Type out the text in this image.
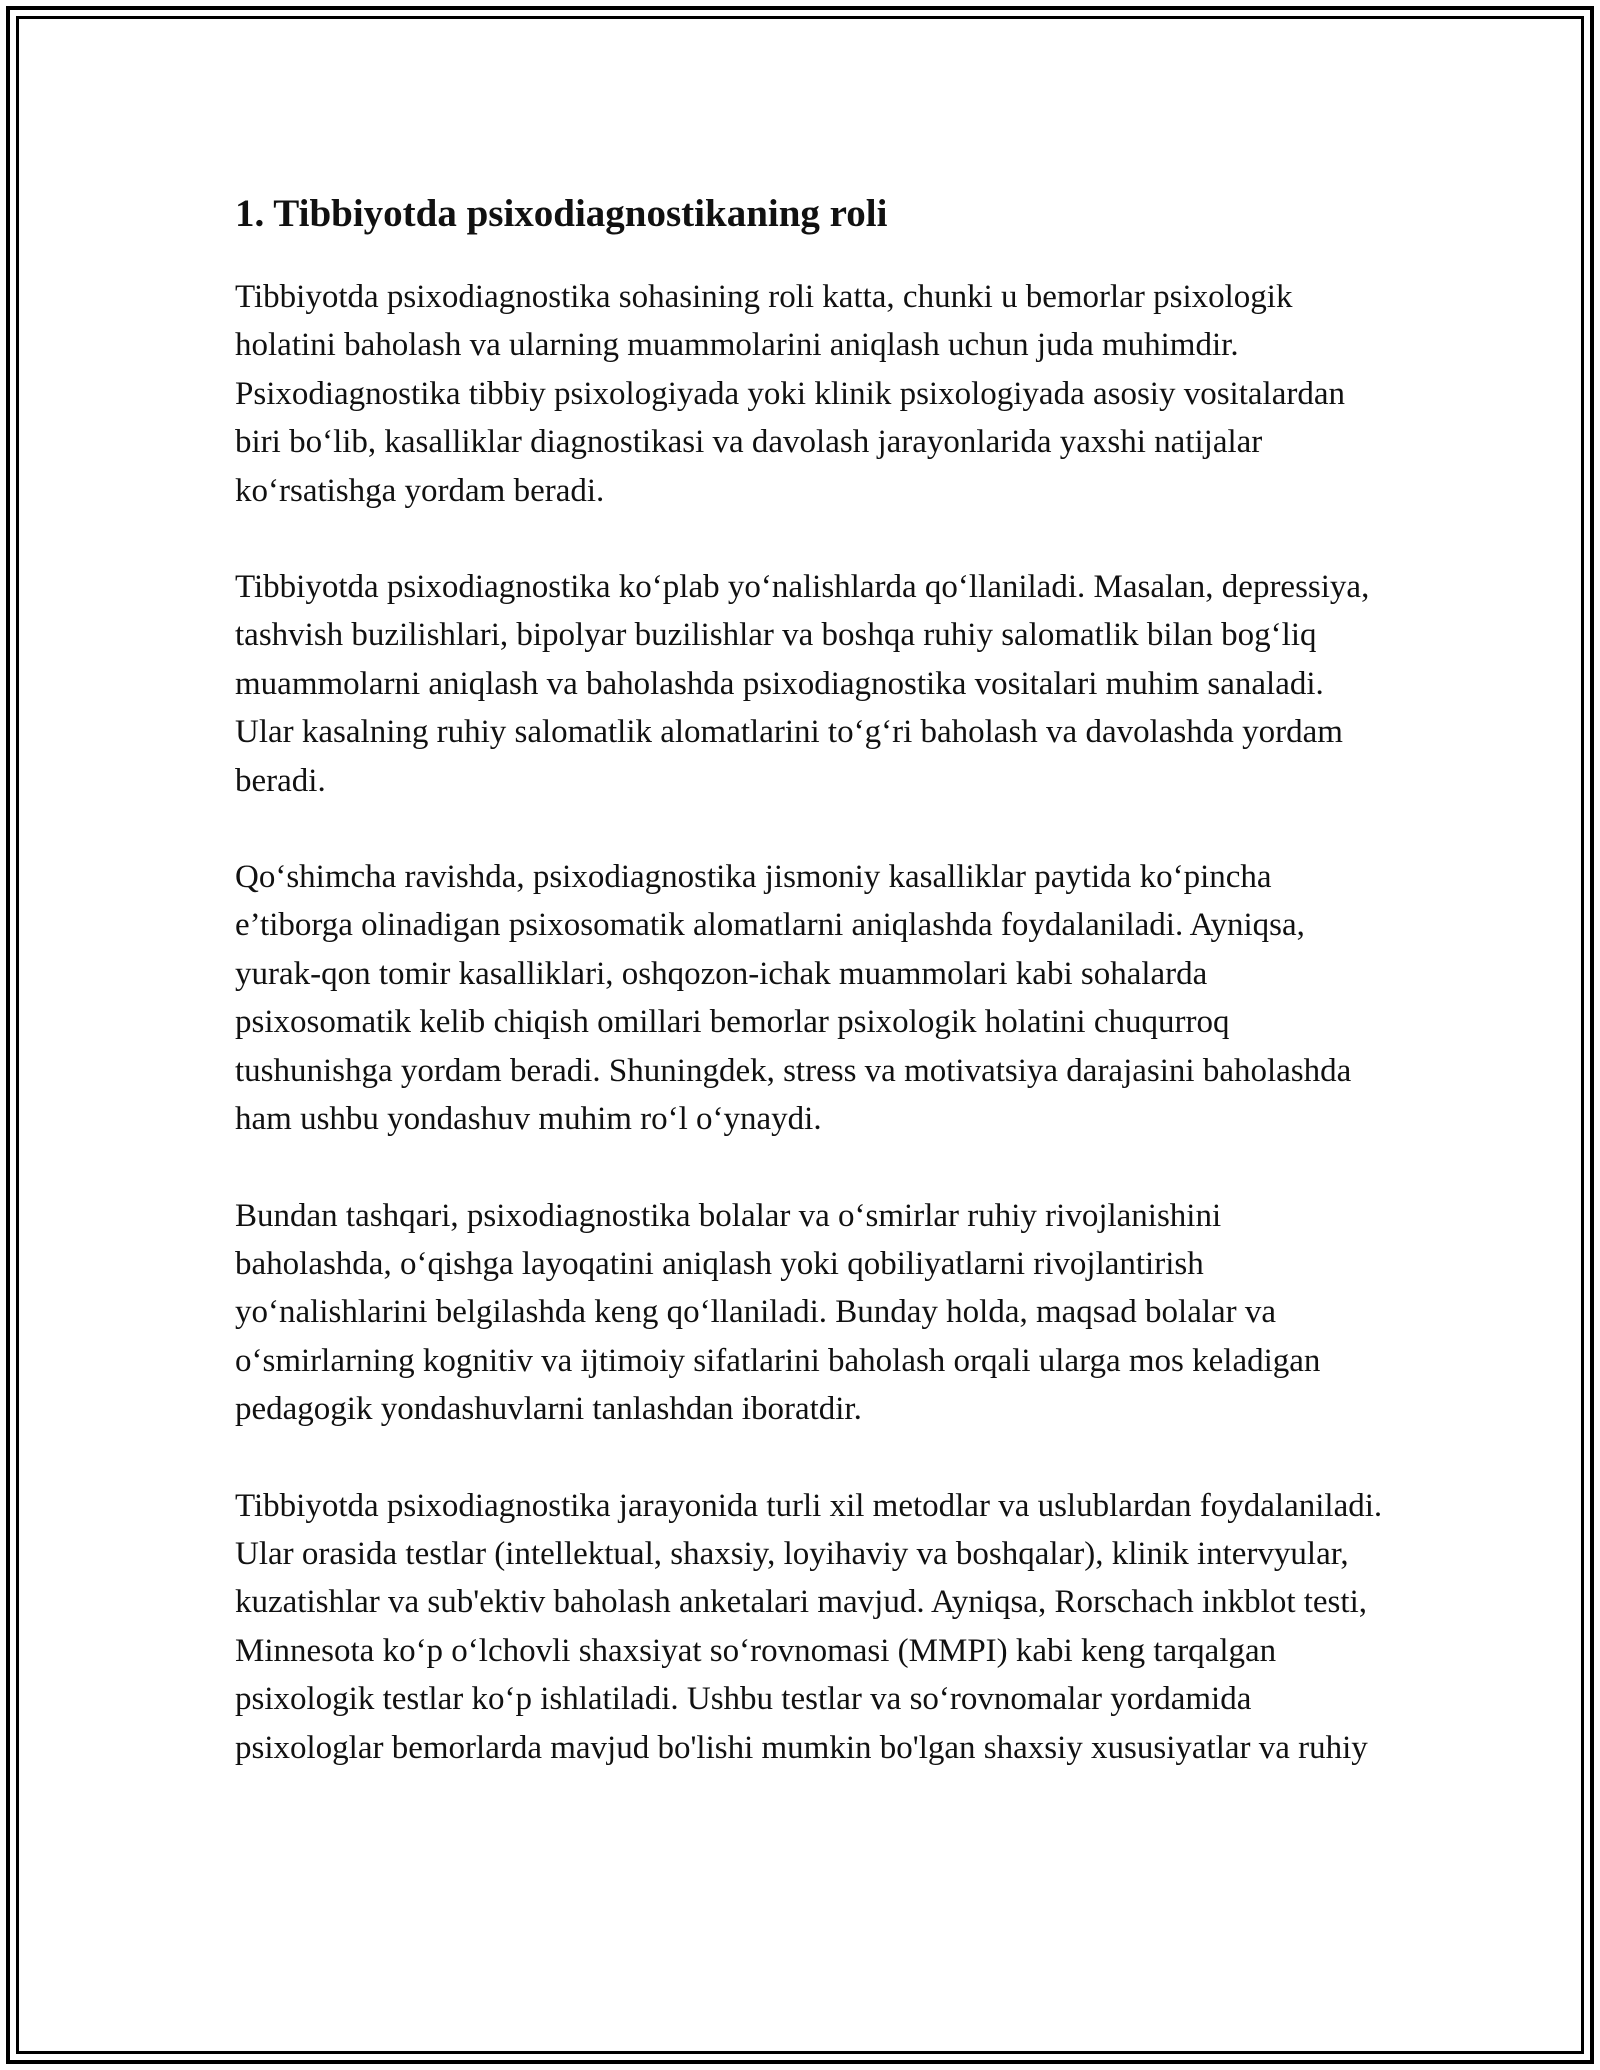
1. Tibbiyotda psixodiagnostikaning roli

Tibbiyotda psixodiagnostika sohasining roli katta, chunki u bemorlar psixologik holatini baholash va ularning muammolarini aniqlash uchun juda muhimdir. Psixodiagnostika tibbiy psixologiyada yoki klinik psixologiyada asosiy vositalardan biri bo‘lib, kasalliklar diagnostikasi va davolash jarayonlarida yaxshi natijalar ko‘rsatishga yordam beradi.

Tibbiyotda psixodiagnostika ko‘plab yo‘nalishlarda qo‘llaniladi. Masalan, depressiya, tashvish buzilishlari, bipolyar buzilishlar va boshqa ruhiy salomatlik bilan bog‘liq muammolarni aniqlash va baholashda psixodiagnostika vositalari muhim sanaladi. Ular kasalning ruhiy salomatlik alomatlarini to‘g‘ri baholash va davolashda yordam beradi.

Qo‘shimcha ravishda, psixodiagnostika jismoniy kasalliklar paytida ko‘pincha e’tiborga olinadigan psixosomatik alomatlarni aniqlashda foydalaniladi. Ayniqsa, yurak-qon tomir kasalliklari, oshqozon-ichak muammolari kabi sohalarda psixosomatik kelib chiqish omillari bemorlar psixologik holatini chuqurroq tushunishga yordam beradi. Shuningdek, stress va motivatsiya darajasini baholashda ham ushbu yondashuv muhim ro‘l o‘ynaydi.

Bundan tashqari, psixodiagnostika bolalar va o‘smirlar ruhiy rivojlanishini baholashda, o‘qishga layoqatini aniqlash yoki qobiliyatlarni rivojlantirish yo‘nalishlarini belgilashda keng qo‘llaniladi. Bunday holda, maqsad bolalar va o‘smirlarning kognitiv va ijtimoiy sifatlarini baholash orqali ularga mos keladigan pedagogik yondashuvlarni tanlashdan iboratdir.

Tibbiyotda psixodiagnostika jarayonida turli xil metodlar va uslublardan foydalaniladi. Ular orasida testlar (intellektual, shaxsiy, loyihaviy va boshqalar), klinik intervyular, kuzatishlar va sub'ektiv baholash anketalari mavjud. Ayniqsa, Rorschach inkblot testi, Minnesota ko‘p o‘lchovli shaxsiyat so‘rovnomasi (MMPI) kabi keng tarqalgan psixologik testlar ko‘p ishlatiladi. Ushbu testlar va so‘rovnomalar yordamida psixologlar bemorlarda mavjud bo'lishi mumkin bo'lgan shaxsiy xususiyatlar va ruhiy
